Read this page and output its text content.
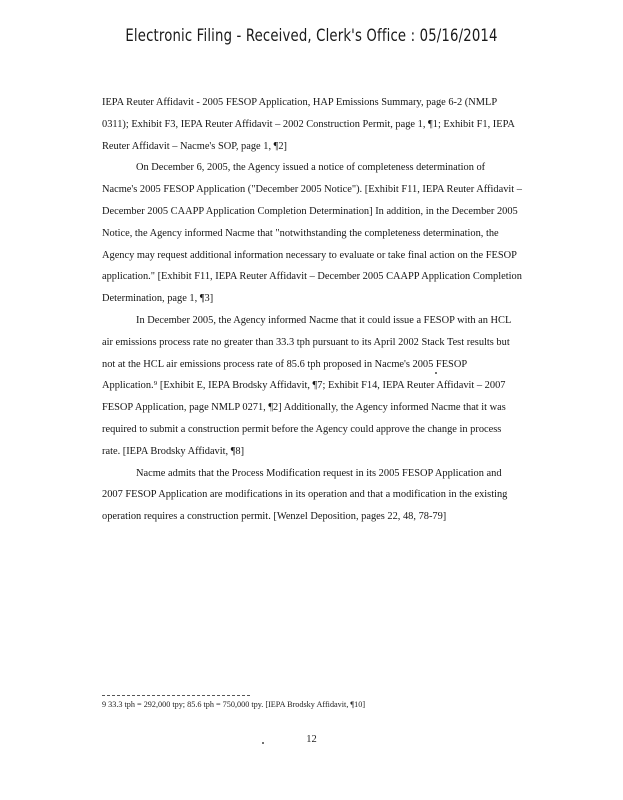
Electronic Filing - Received, Clerk's Office : 05/16/2014

IEPA Reuter Affidavit - 2005 FESOP Application, HAP Emissions Summary, page 6-2 (NMLP 0311); Exhibit F3, IEPA Reuter Affidavit – 2002 Construction Permit, page 1, ¶1; Exhibit F1, IEPA Reuter Affidavit – Nacme's SOP, page 1, ¶2]

On December 6, 2005, the Agency issued a notice of completeness determination of Nacme's 2005 FESOP Application ("December 2005 Notice"). [Exhibit F11, IEPA Reuter Affidavit – December 2005 CAAPP Application Completion Determination] In addition, in the December 2005 Notice, the Agency informed Nacme that "notwithstanding the completeness determination, the Agency may request additional information necessary to evaluate or take final action on the FESOP application." [Exhibit F11, IEPA Reuter Affidavit – December 2005 CAAPP Application Completion Determination, page 1, ¶3]

In December 2005, the Agency informed Nacme that it could issue a FESOP with an HCL air emissions process rate no greater than 33.3 tph pursuant to its April 2002 Stack Test results but not at the HCL air emissions process rate of 85.6 tph proposed in Nacme's 2005 FESOP Application.⁹ [Exhibit E, IEPA Brodsky Affidavit, ¶7; Exhibit F14, IEPA Reuter Affidavit – 2007 FESOP Application, page NMLP 0271, ¶2] Additionally, the Agency informed Nacme that it was required to submit a construction permit before the Agency could approve the change in process rate. [IEPA Brodsky Affidavit, ¶8]

Nacme admits that the Process Modification request in its 2005 FESOP Application and 2007 FESOP Application are modifications in its operation and that a modification in the existing operation requires a construction permit. [Wenzel Deposition, pages 22, 48, 78-79]

9 33.3 tph = 292,000 tpy; 85.6 tph = 750,000 tpy. [IEPA Brodsky Affidavit, ¶10]
12
